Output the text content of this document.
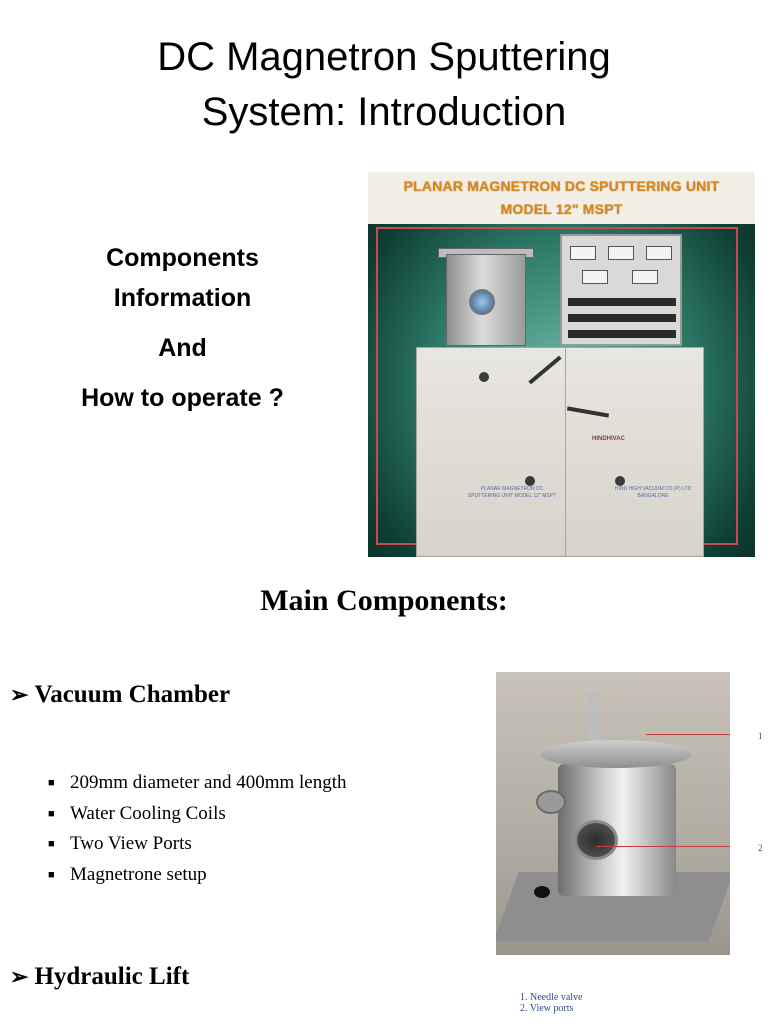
DC Magnetron Sputtering
System: Introduction
Components
Information
And
How to operate ?
PLANAR MAGNETRON DC SPUTTERING UNIT
MODEL 12" MSPT
HINDHIVAC
PLANAR MAGNETRON DC SPUTTERING UNIT MODEL 12" MSPT
HIND HIGH VACUUM CO.(P) LTD BANGALORE
Main Components:
➢ Vacuum Chamber
■ 209mm diameter and 400mm length
■ Water Cooling Coils
■ Two View Ports
■ Magnetrone setup
1
2
1. Needle valve
2. View ports
➢ Hydraulic Lift
